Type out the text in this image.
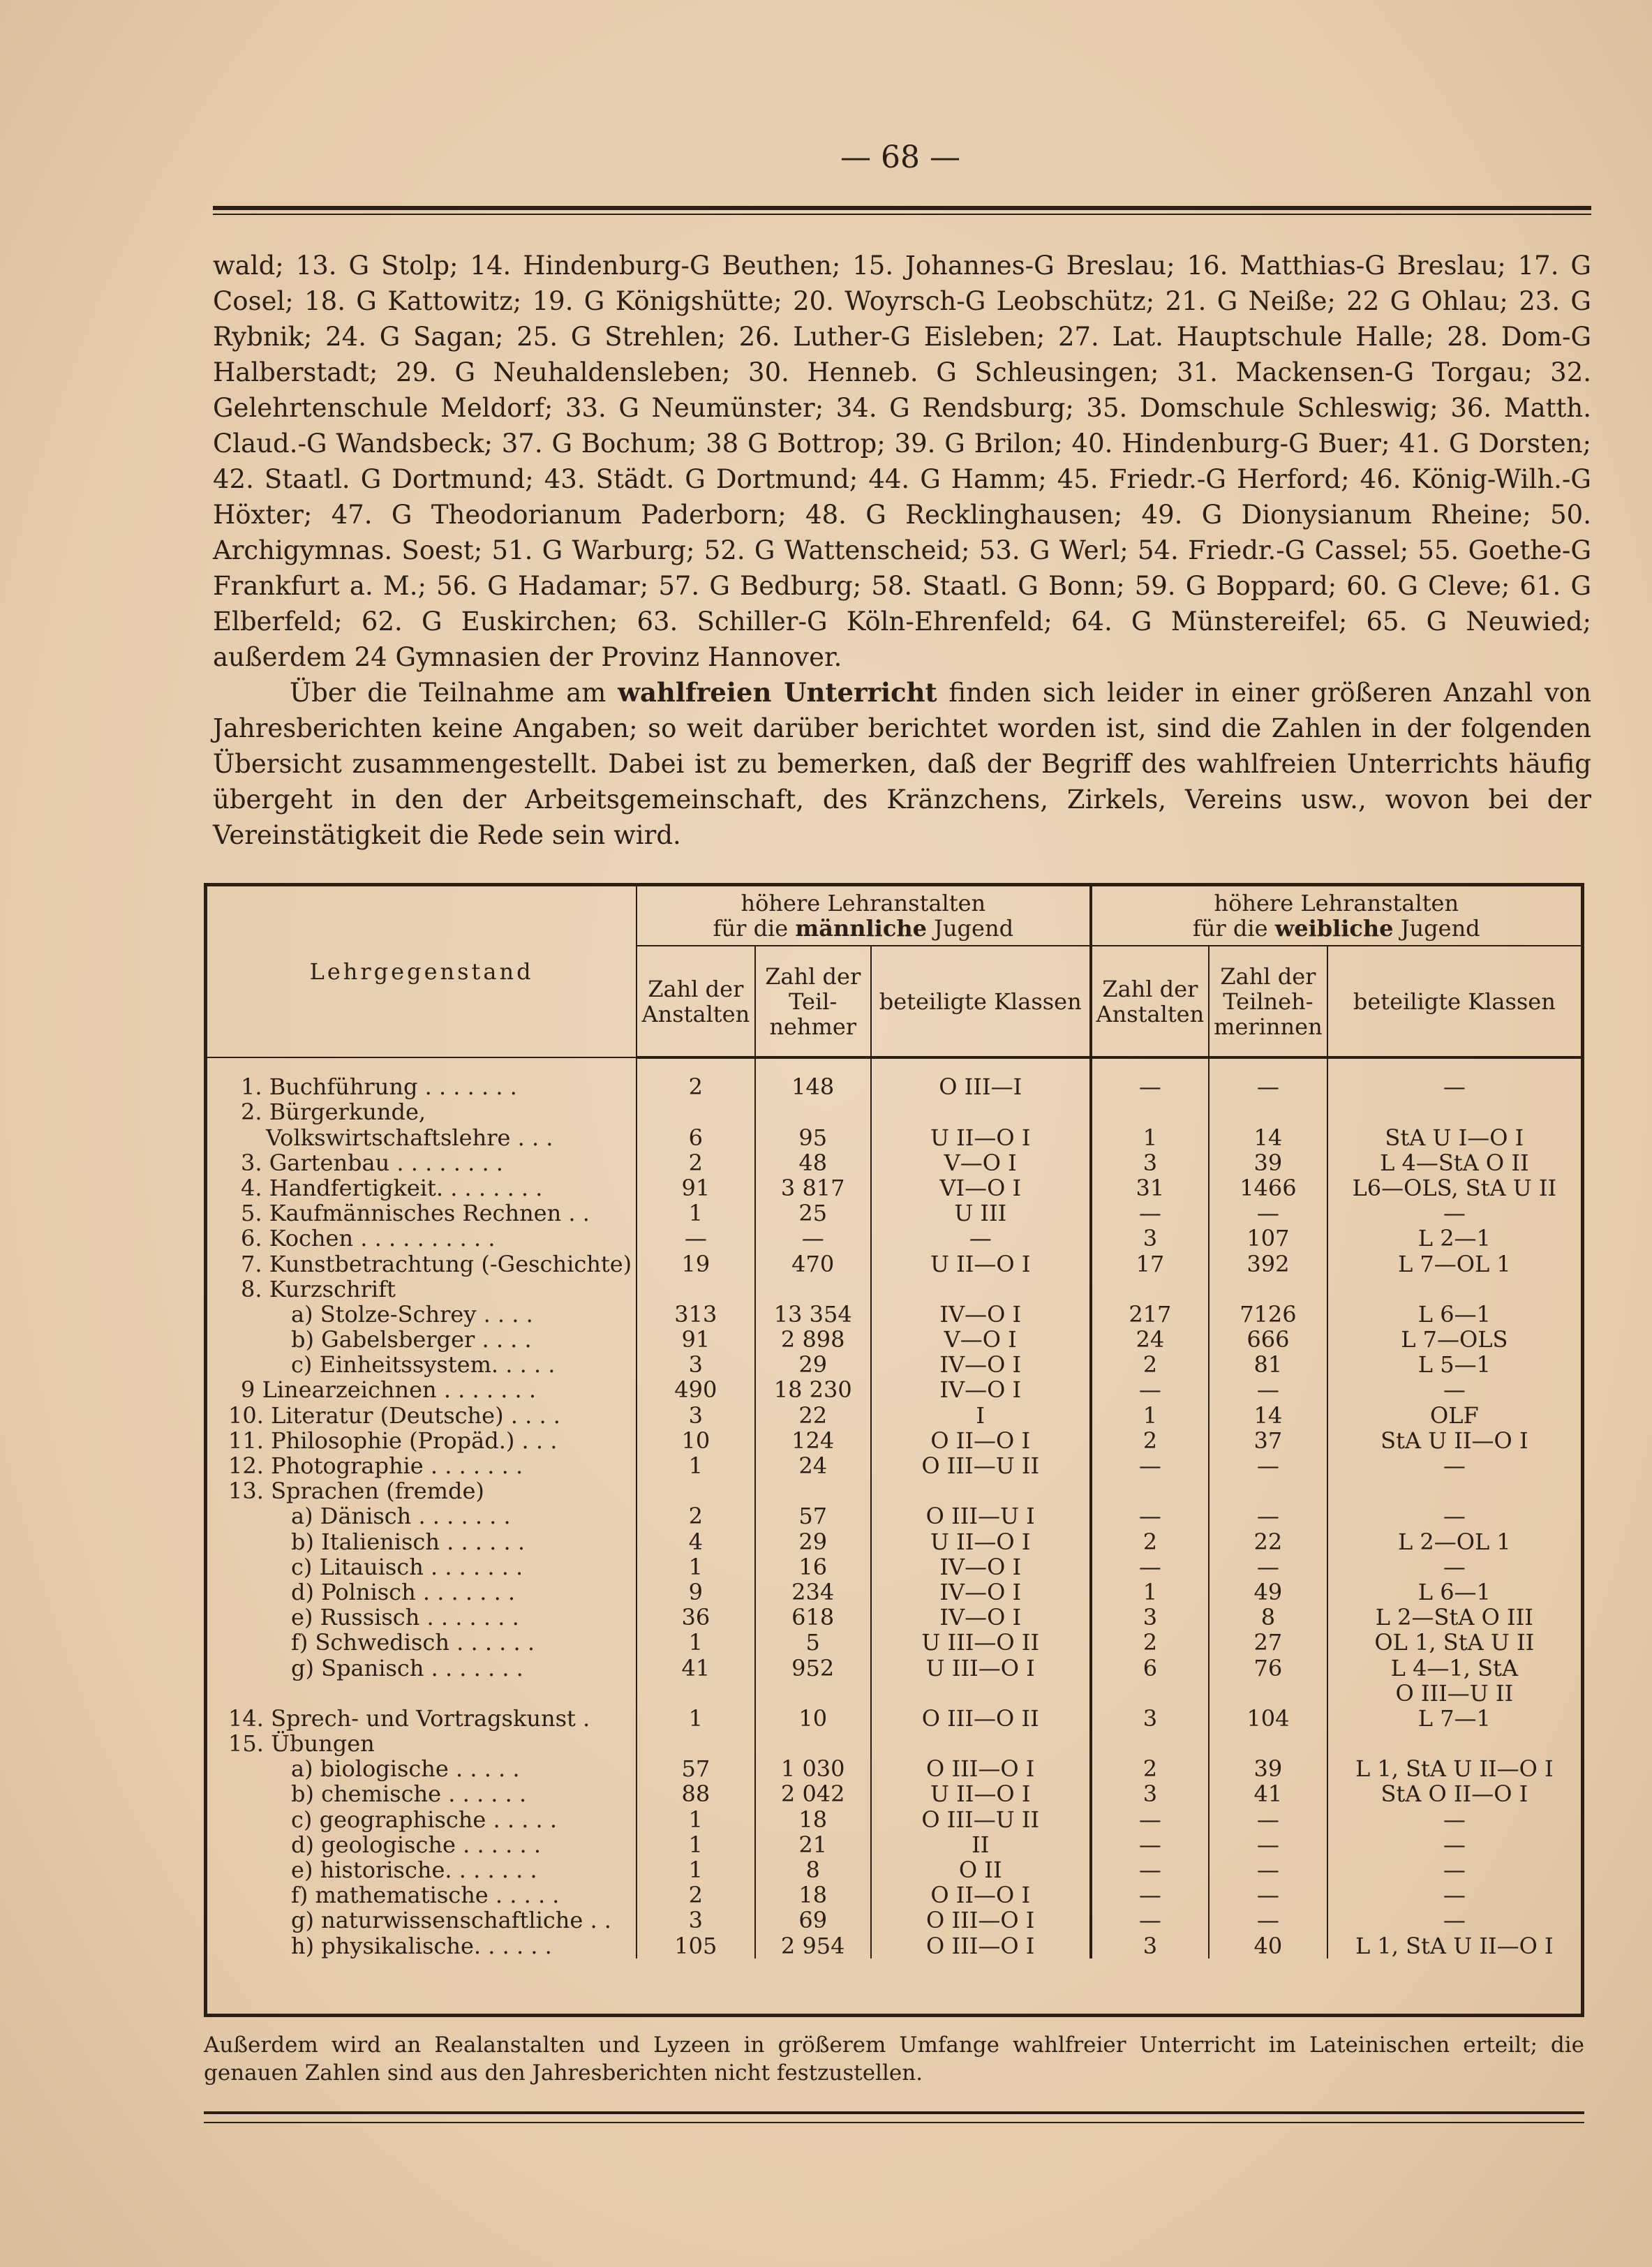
— 68 —

wald; 13. G Stolp; 14. Hindenburg-G Beuthen; 15. Johannes-G Breslau; 16. Matthias-G Breslau; 17. G Cosel; 18. G Kattowitz; 19. G Königshütte; 20. Woyrsch-G Leobschütz; 21. G Neiße; 22 G Ohlau; 23. G Rybnik; 24. G Sagan; 25. G Strehlen; 26. Luther-G Eisleben; 27. Lat. Hauptschule Halle; 28. Dom-G Halberstadt; 29. G Neuhaldensleben; 30. Henneb. G Schleusingen; 31. Mackensen-G Torgau; 32. Gelehrtenschule Meldorf; 33. G Neumünster; 34. G Rendsburg; 35. Domschule Schleswig; 36. Matth. Claud.-G Wandsbeck; 37. G Bochum; 38 G Bottrop; 39. G Brilon; 40. Hindenburg-G Buer; 41. G Dorsten; 42. Staatl. G Dortmund; 43. Städt. G Dortmund; 44. G Hamm; 45. Friedr.-G Herford; 46. König-Wilh.-G Höxter; 47. G Theodorianum Paderborn; 48. G Recklinghausen; 49. G Dionysianum Rheine; 50. Archigymnas. Soest; 51. G Warburg; 52. G Wattenscheid; 53. G Werl; 54. Friedr.-G Cassel; 55. Goethe-G Frankfurt a. M.; 56. G Hadamar; 57. G Bedburg; 58. Staatl. G Bonn; 59. G Boppard; 60. G Cleve; 61. G Elberfeld; 62. G Euskirchen; 63. Schiller-G Köln-Ehrenfeld; 64. G Münstereifel; 65. G Neuwied; außerdem 24 Gymnasien der Provinz Hannover.

Über die Teilnahme am wahlfreien Unterricht finden sich leider in einer größeren Anzahl von Jahresberichten keine Angaben; so weit darüber berichtet worden ist, sind die Zahlen in der folgenden Übersicht zusammengestellt. Dabei ist zu bemerken, daß der Begriff des wahlfreien Unterrichts häufig übergeht in den der Arbeitsgemeinschaft, des Kränzchens, Zirkels, Vereins usw., wovon bei der Vereinstätigkeit die Rede sein wird.

Lehrgegenstand	höhere Lehranstalten
für die männliche Jugend			höhere Lehranstalten
für die weibliche Jugend		
	Zahl der Anstalten	Zahl der Teil-nehmer	beteiligte Klassen	Zahl der Anstalten	Zahl der Teilneh-merinnen	beteiligte Klassen

1. Buchführung . . . . . . .	2	148	O III—I	—	—	—
2. Bürgerkunde,						
Volkswirtschaftslehre . . .	6	95	U II—O I	1	14	StA U I—O I
3. Gartenbau . . . . . . . .	2	48	V—O I	3	39	L 4—StA O II
4. Handfertigkeit. . . . . . . .	91	3 817	VI—O I	31	1466	L6—OLS, StA U II
5. Kaufmännisches Rechnen . .	1	25	U III	—	—	—
6. Kochen . . . . . . . . . .	—	—	—	3	107	L 2—1
7. Kunstbetrachtung (-Geschichte)	19	470	U II—O I	17	392	L 7—OL 1
8. Kurzschrift						
a) Stolze-Schrey . . . .	313	13 354	IV—O I	217	7126	L 6—1
b) Gabelsberger . . . .	91	2 898	V—O I	24	666	L 7—OLS
c) Einheitssystem. . . . .	3	29	IV—O I	2	81	L 5—1
9 Linearzeichnen . . . . . . .	490	18 230	IV—O I	—	—	—
10. Literatur (Deutsche) . . . .	3	22	I	1	14	OLF
11. Philosophie (Propäd.) . . .	10	124	O II—O I	2	37	StA U II—O I
12. Photographie . . . . . . .	1	24	O III—U II	—	—	—
13. Sprachen (fremde)						
a) Dänisch . . . . . . .	2	57	O III—U I	—	—	—
b) Italienisch . . . . . .	4	29	U II—O I	2	22	L 2—OL 1
c) Litauisch . . . . . . .	1	16	IV—O I	—	—	—
d) Polnisch . . . . . . .	9	234	IV—O I	1	49	L 6—1
e) Russisch . . . . . . .	36	618	IV—O I	3	8	L 2—StA O III
f) Schwedisch . . . . . .	1	5	U III—O II	2	27	OL 1, StA U II
g) Spanisch . . . . . . .	41	952	U III—O I	6	76	L 4—1, StA
						O III—U II
14. Sprech- und Vortragskunst .	1	10	O III—O II	3	104	L 7—1
15. Übungen						
a) biologische . . . . .	57	1 030	O III—O I	2	39	L 1, StA U II—O I
b) chemische . . . . . .	88	2 042	U II—O I	3	41	StA O II—O I
c) geographische . . . . .	1	18	O III—U II	—	—	—
d) geologische . . . . . .	1	21	II	—	—	—
e) historische. . . . . . .	1	8	O II	—	—	—
f) mathematische . . . . .	2	18	O II—O I	—	—	—
g) naturwissenschaftliche . .	3	69	O III—O I	—	—	—
h) physikalische. . . . . .	105	2 954	O III—O I	3	40	L 1, StA U II—O I
Außerdem wird an Realanstalten und Lyzeen in größerem Umfange wahlfreier Unterricht im Lateinischen erteilt; die genauen Zahlen sind aus den Jahresberichten nicht festzustellen.
